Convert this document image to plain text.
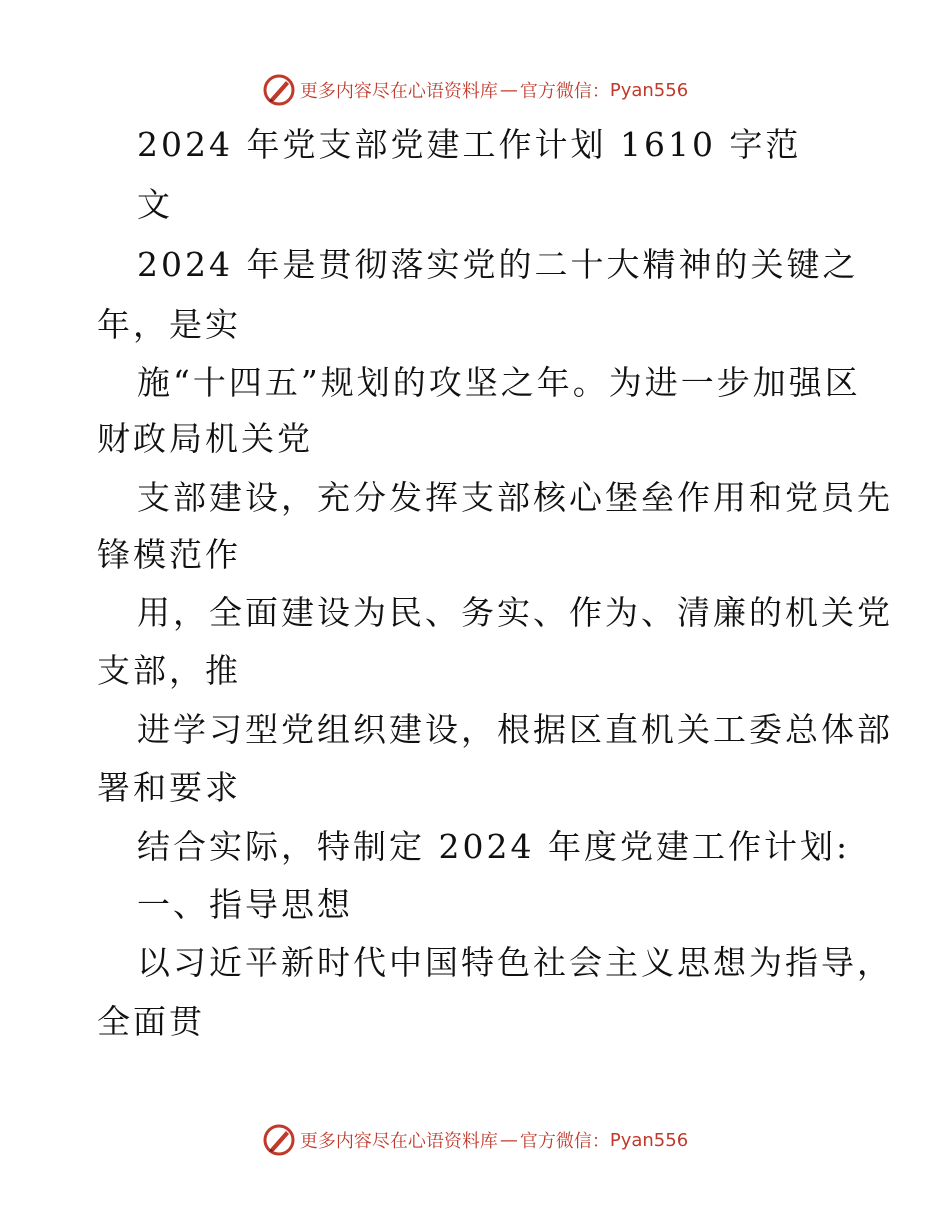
更多内容尽在心语资料库 — 官方微信： Pyan556
2024 年党支部党建工作计划 1610 字范
文
2024 年是贯彻落实党的二十大精神的关键之
年，是实
施“十四五”规划的攻坚之年。为进一步加强区
财政局机关党
支部建设，充分发挥支部核心堡垒作用和党员先
锋模范作
用，全面建设为民、务实、作为、清廉的机关党
支部，推
进学习型党组织建设，根据区直机关工委总体部
署和要求
结合实际，特制定 2024 年度党建工作计划:
一、指导思想
以习近平新时代中国特色社会主义思想为指导，
全面贯
更多内容尽在心语资料库 — 官方微信： Pyan556
